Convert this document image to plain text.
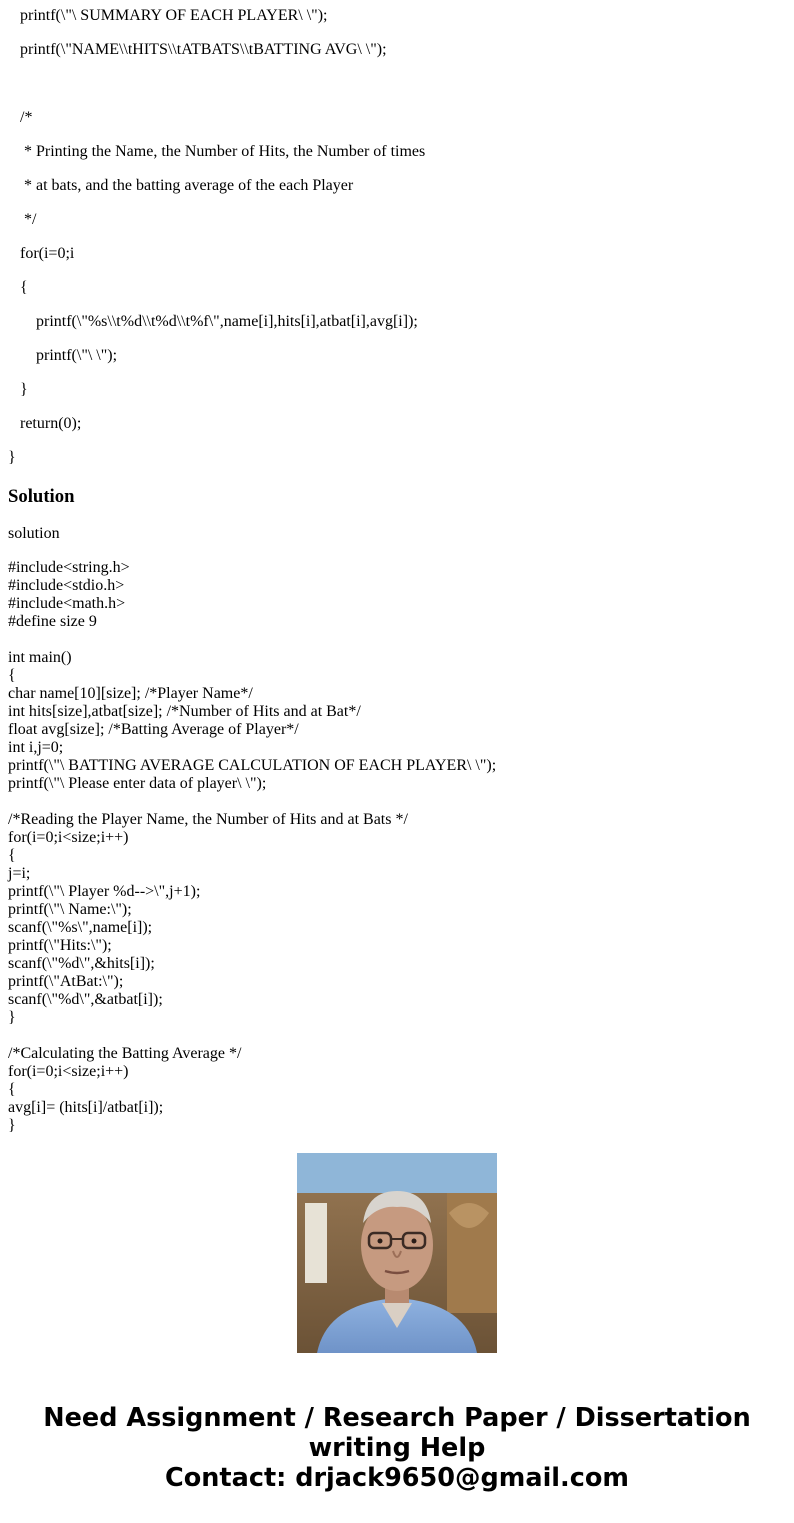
printf(\"\ SUMMARY OF EACH PLAYER\ \");
printf(\"NAME\\tHITS\\tATBATS\\tBATTING AVG\ \");
/*
* Printing the Name, the Number of Hits, the Number of times
* at bats, and the batting average of the each Player
*/
for(i=0;i
{
printf(\"%s\\t%d\\t%d\\t%f\",name[i],hits[i],atbat[i],avg[i]);
printf(\"\ \");
}
return(0);
}
Solution
solution
#include<string.h>
#include<stdio.h>
#include<math.h>
#define size 9
int main()
{
char name[10][size]; /*Player Name*/
int hits[size],atbat[size]; /*Number of Hits and at Bat*/
float avg[size]; /*Batting Average of Player*/
int i,j=0;
printf(\"\ BATTING AVERAGE CALCULATION OF EACH PLAYER\ \");
printf(\"\ Please enter data of player\ \");
/*Reading the Player Name, the Number of Hits and at Bats */
for(i=0;i<size;i++)
{
j=i;
printf(\"\ Player %d-->\",j+1);
printf(\"\ Name:\");
scanf(\"%s\",name[i]);
printf(\"Hits:\");
scanf(\"%d\",&hits[i]);
printf(\"AtBat:\");
scanf(\"%d\",&atbat[i]);
}
/*Calculating the Batting Average */
for(i=0;i<size;i++)
{
avg[i]= (hits[i]/atbat[i]);
}
Need Assignment / Research Paper / Dissertation
writing Help
Contact: drjack9650@gmail.com
